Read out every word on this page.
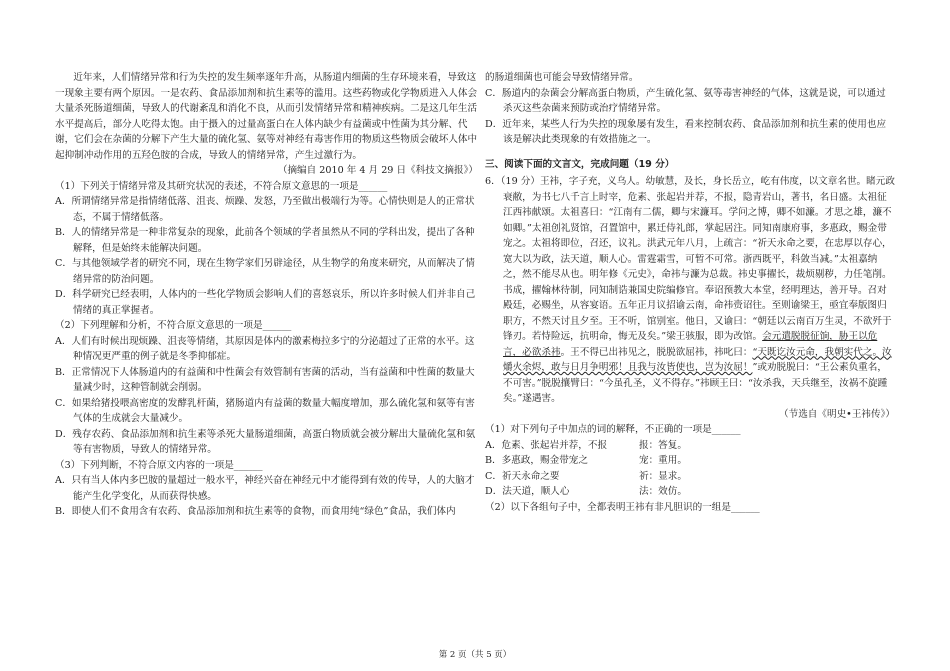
近年来，人们情绪异常和行为失控的发生频率逐年升高，从肠道内细菌的生存环境来看，导致这一现象主要有两个原因。一是农药、食品添加剂和抗生素等的滥用。这些药物或化学物质进入人体会大量杀死肠道细菌，导致人的代谢紊乱和消化不良，从而引发情绪异常和精神疾病。二是这几年生活水平提高后，部分人吃得太饱。由于摄入的过量高蛋白在人体内缺少有益菌或中性菌为其分解、代谢，它们会在杂菌的分解下产生大量的硫化氢、氨等对神经有毒害作用的物质这些物质会破坏人体中起抑制冲动作用的五羟色胺的合成，导致人的情绪异常，产生过激行为。

（摘编自 2010 年 4 月 29 日《科技文摘报》）

（1）下列关于情绪异常及其研究状况的表述，不符合原文意思的一项是______

A．所谓情绪异常是指情绪低落、沮丧、烦躁、发怒，乃至做出极端行为等。心情快则是人的正常状态，不属于情绪低落。

B．人的情绪异常是一种非常复杂的现象，此前各个领域的学者虽然从不同的学科出发，提出了各种解释，但是始终未能解决问题。

C．与其他领域学者的研究不同，现在生物学家们另辟途径，从生物学的角度来研究，从而解决了情绪异常的防治问题。

D．科学研究已经表明，人体内的一些化学物质会影响人们的喜怒哀乐，所以许多时候人们并非自己情绪的真正掌握者。

（2）下列理解和分析，不符合原文意思的一项是______

A．人们有时候出现烦躁、沮丧等情绪，其原因是体内的激素梅拉多宁的分泌超过了正常的水平。这种情况更严重的例子就是冬季抑郁症。

B．正常情况下人体肠道内的有益菌和中性菌会有效管制有害菌的活动，当有益菌和中性菌的数量大量减少时，这种管制就会削弱。

C．如果给猪投喂高密度的发酵乳杆菌，猪肠道内有益菌的数量大幅度增加，那么硫化氢和氨等有害气体的生成就会大量减少。

D．残存农药、食品添加剂和抗生素等杀死大量肠道细菌，高蛋白物质就会被分解出大量硫化氢和氨等有害物质，导致人的情绪异常。

（3）下列判断，不符合原文内容的一项是______

A．只有当人体内多巴胺的量超过一般水平，神经兴奋在神经元中才能得到有效的传导，人的大脑才能产生化学变化，从而获得快感。

B．即使人们不食用含有农药、食品添加剂和抗生素等的食物，而食用纯“绿色”食品，我们体内

的肠道细菌也可能会导致情绪异常。

C．肠道内的杂菌会分解高蛋白物质，产生硫化氢、氨等毒害神经的气体，这就是说，可以通过杀灭这些杂菌来预防或治疗情绪异常。

D．近年来，某些人行为失控的现象屡有发生，看来控制农药、食品添加剂和抗生素的使用也应该是解决此类现象的有效措施之一。

三、阅读下面的文言文，完成问题（19 分）

6．（19 分）王祎，字子充，义乌人。幼敏慧，及长，身长岳立，屹有伟度，以文章名世。睹元政衰敝，为书七八千言上时宰，危素、张起岩并荐，不报，隐青岩山，著书，名日盛。太祖征江西祎献颂。太祖喜曰：“江南有二儒，卿与宋濂耳。学问之博，卿不如濂。才思之雄，濂不如卿。”太祖创礼贤馆，召置馆中，累迁侍礼郎，掌起居注。同知南康府事，多惠政，赐金带宠之。太祖将即位，召还，议礼。洪武元年八月，上疏言：“祈天永命之要，在忠厚以存心，宽大以为政，法天道，顺人心。雷霆霜雪，可暂不可常。浙西既平，科敛当减。”太祖嘉纳之，然不能尽从也。明年修《元史》，命祎与濂为总裁。祎史事擢长，裁烦剔秽，力任笔削。书成，擢翰林待制，同知制诰兼国史院编修官。奉诏预教大本堂，经明理达，善开导。召对殿廷，必赐坐，从容宴语。五年正月议招谕云南，命祎赍诏往。至则谕梁王，亟宜奉版图归职方，不然天讨且夕至。王不听，馆别室。他日，又谕曰：“朝廷以云南百万生灵，不欲歼于锋刃。若恃险远，抗明命，悔无及矣。”梁王骇服，即为改馆。会元遣脱脱征饷，胁王以危言，必欲杀祎。王不得已出祎见之，脱脱欲屈祎，祎叱曰：“天既讫汝元命，我朝实代之。汝爝火余烬，敢与日月争明邪！且我与汝皆使也，岂为汝屈！”或劝脱脱曰：“王公素负重名，不可害。”脱脱攘臂曰：“今虽孔圣，义不得存。”祎顾王曰：“汝杀我，天兵继至，汝祸不旋踵矣。”遂遇害。

（节选自《明史•王祎传》）

（1）对下列句子中加点的词的解释，不正确的一项是______

A．危素、张起岩并荐，不报	报：答复。
B．多惠政，赐金带宠之	宠：重用。
C．祈天永命之要	祈：显求。
D．法天道，顺人心	法：效仿。

（2）以下各组句子中，全都表明王祎有非凡胆识的一组是______

第 2 页（共 5 页）
